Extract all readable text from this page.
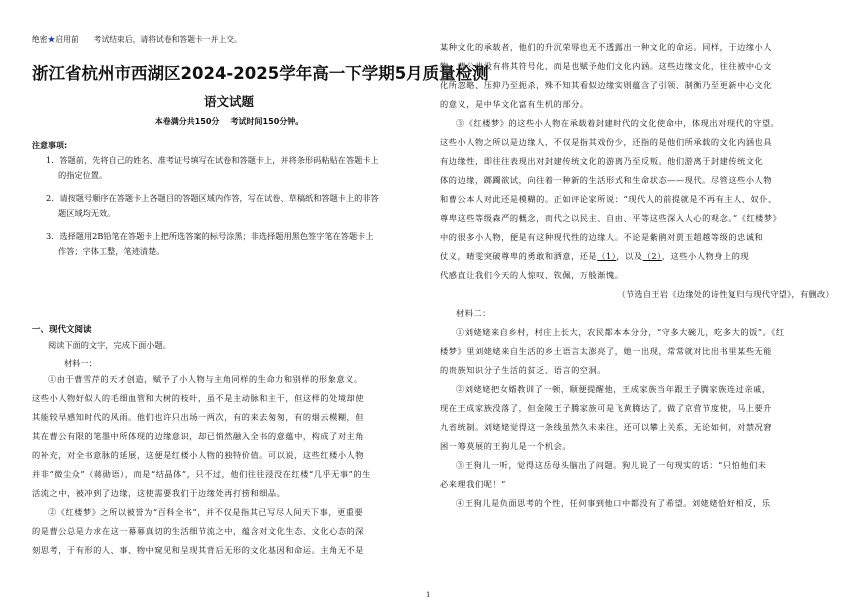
绝密★启用前 考试结束后，请将试卷和答题卡一并上交。
浙江省杭州市西湖区2024-2025学年高一下学期5月质量检测
语文试题
本卷满分共150分    考试时间150分钟。
注意事项:
1．答题前，先将自己的姓名、准考证号填写在试卷和答题卡上，并将条形码粘贴在答题卡上
的指定位置。
2．请按题号顺序在答题卡上各题目的答题区域内作答，写在试卷、草稿纸和答题卡上的非答
题区域均无效。
3．选择题用2B铅笔在答题卡上把所选答案的标号涂黑；非选择题用黑色签字笔在答题卡上
作答；字体工整，笔迹清楚。
一、现代文阅读
阅读下面的文字，完成下面小题。
材料一：
①由于曹雪芹的天才创造，赋予了小人物与主角同样的生命力和别样的形象意义。
这些小人物好似人的毛细血管和大树的枝叶，虽不是主动脉和主干，但这样的处境却使
其能较早感知时代的风雨。他们也许只出场一两次，有的来去匆匆，有的烟云模糊，但
其在曹公有限的笔墨中所体现的边缘意识，却已悄然融入全书的意蕴中，构成了对主角
的补充，对全书意脉的延展，这便是红楼小人物的独特价值。可以说，这些红楼小人物
并非“微尘众”（蒋勋语），而是“结晶体”，只不过，他们往往浸没在红楼“几乎无事”的生
活流之中，被冲到了边缘，这使需要我们于边缘处再打捞和细品。
②《红楼梦》之所以被誉为“百科全书”，并不仅是指其已写尽人间天下事，更重要
的是曹公总是力求在这一幕幕真切的生活细节流之中，蕴含对文化生态、文化心态的深
刻思考，于有形的人、事、物中窥见和呈现其背后无形的文化基因和命运。主角无不是
某种文化的承载者，他们的升沉荣辱也无不透露出一种文化的命运。同样，于边缘小人
物，曹公也没有将其符号化，而是也赋予他们文化内涵。这些边缘文化，往往被中心文
化所忽略、压抑乃至扼杀，殊不知其看似边缘实则蕴含了引领、制衡乃至更新中心文化
的意义，是中华文化富有生机的部分。
③《红楼梦》的这些小人物在承载着封建时代的文化使命中，体现出对现代的守望。
这些小人物之所以是边缘人，不仅是指其戏份少，还指的是他们所承载的文化内涵也具
有边缘性，即往往表现出对封建传统文化的游离乃至反叛。他们游离于封建传统文化
体的边缘，踯躅欲试，向往着一种新的生活形式和生命状态——现代。尽管这些小人物
和曹公本人对此还是模糊的。正如评论家所说：“现代人的前提就是不再有主人、奴仆、
尊卑这些等级森严的概念，而代之以民主、自由、平等这些深入人心的观念。”《红楼梦》
中的很多小人物，便是有这种现代性的边缘人。不论是紫鹃对贾玉超越等级的忠诚和
仗义，晴雯突破尊卑的勇敢和洒意，还是（1），以及（2），这些小人物身上的现
代感直让我们今天的人惊叹、钦佩，万般渐愧。
（节选自王岩《边缘处的诗性复归与现代守望》，有删改）
材料二：
①刘姥姥来自乡村，村庄上长大，农民都本本分分，“守多大碗儿，吃多大的饭”。《红
楼梦》里刘姥姥来自生活的乡土语言太澎亮了，她一出现，常常就对比出书里某些无能
的贵族知识分子生活的贫乏、语言的空洞。
②刘姥姥把女婿教训了一顿，顺便提醒他，王成家族当年跟王子腾家族连过亲戚，
现在王成家族没落了，但金陵王子腾家族可是飞黄腾达了，做了京营节度使，马上要升
九省统制。刘姥姥觉得这一条线虽然久未来往，还可以攀上关系，无论如何，对禁况窘
困一筹莫展的王狗儿是一个机会。
③王狗儿一听，觉得这岳母头脑出了问题。狗儿说了一句现实的话：“只怕他们未
必来理我们呢！”
④王狗儿是负面思考的个性，任何事到他口中都没有了希望。刘姥姥恰好相反，乐
1
